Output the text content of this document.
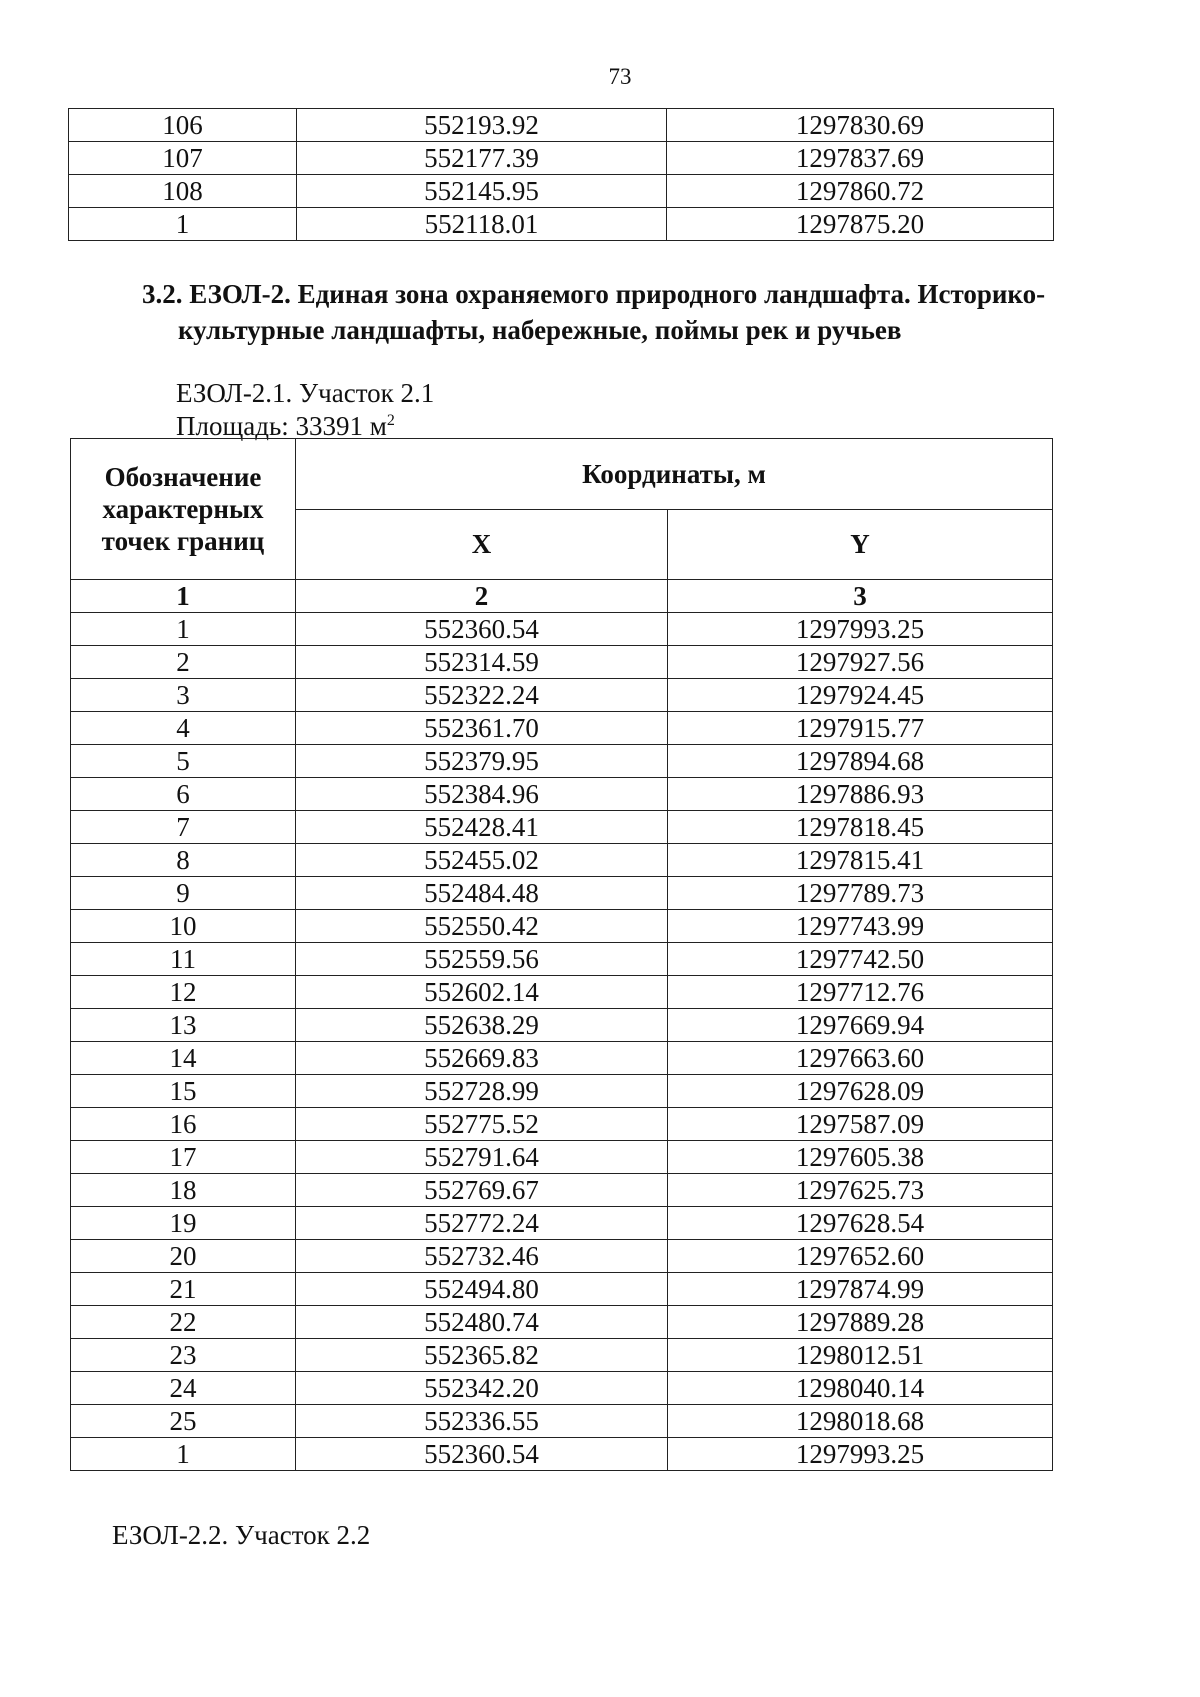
73
106	552193.92	1297830.69
107	552177.39	1297837.69
108	552145.95	1297860.72
1	552118.01	1297875.20
3.2. ЕЗОЛ-2. Единая зона охраняемого природного ландшафта. Историко-
культурные ландшафты, набережные, поймы рек и ручьев
ЕЗОЛ-2.1. Участок 2.1
Площадь: 33391 $м^2$
Обозначение характерных точек границ	Координаты, м	
	X	Y
1	2	3
1	552360.54	1297993.25
2	552314.59	1297927.56
3	552322.24	1297924.45
4	552361.70	1297915.77
5	552379.95	1297894.68
6	552384.96	1297886.93
7	552428.41	1297818.45
8	552455.02	1297815.41
9	552484.48	1297789.73
10	552550.42	1297743.99
11	552559.56	1297742.50
12	552602.14	1297712.76
13	552638.29	1297669.94
14	552669.83	1297663.60
15	552728.99	1297628.09
16	552775.52	1297587.09
17	552791.64	1297605.38
18	552769.67	1297625.73
19	552772.24	1297628.54
20	552732.46	1297652.60
21	552494.80	1297874.99
22	552480.74	1297889.28
23	552365.82	1298012.51
24	552342.20	1298040.14
25	552336.55	1298018.68
1	552360.54	1297993.25
ЕЗОЛ-2.2. Участок 2.2
